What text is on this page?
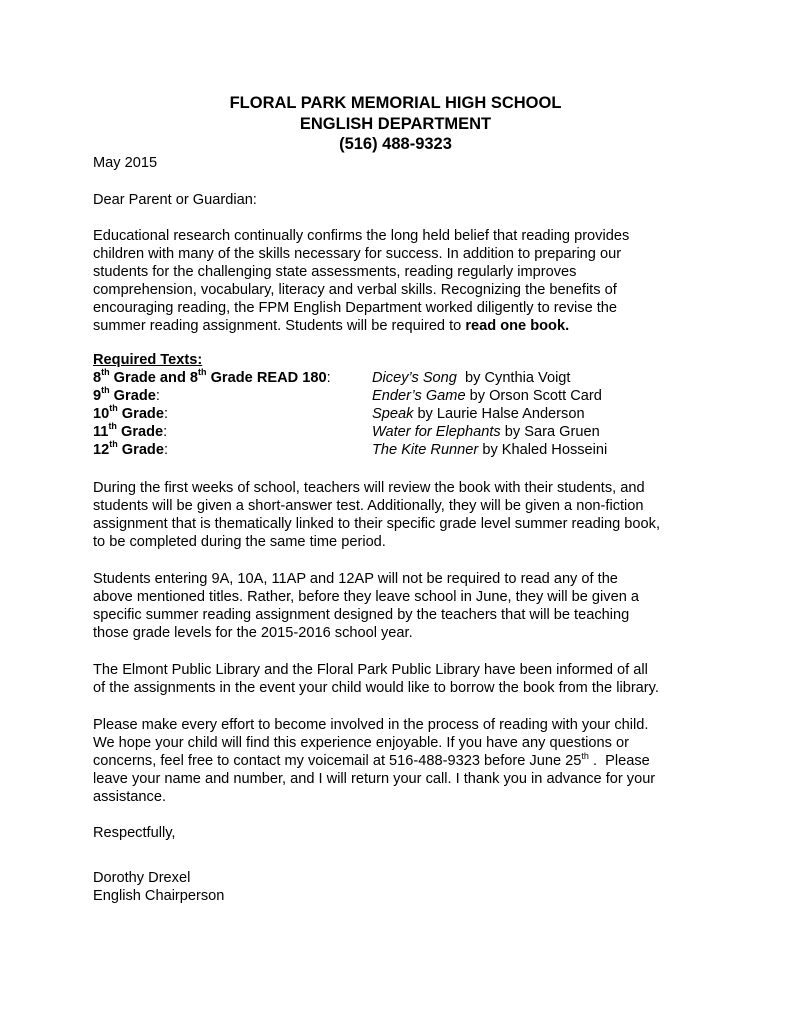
FLORAL PARK MEMORIAL HIGH SCHOOL
ENGLISH DEPARTMENT
(516) 488-9323

May 2015

Dear Parent or Guardian:

Educational research continually confirms the long held belief that reading provides

children with many of the skills necessary for success. In addition to preparing our

students for the challenging state assessments, reading regularly improves

comprehension, vocabulary, literacy and verbal skills. Recognizing the benefits of

encouraging reading, the FPM English Department worked diligently to revise the

summer reading assignment. Students will be required to read one book.

Required Texts:

8th Grade and 8th Grade READ 180:	Dicey’s Song  by Cynthia Voigt
9th Grade:	Ender’s Game by Orson Scott Card
10th Grade:	Speak by Laurie Halse Anderson
11th Grade:	Water for Elephants by Sara Gruen
12th Grade:	The Kite Runner by Khaled Hosseini

During the first weeks of school, teachers will review the book with their students, and

students will be given a short-answer test. Additionally, they will be given a non-fiction

assignment that is thematically linked to their specific grade level summer reading book,

to be completed during the same time period.

Students entering 9A, 10A, 11AP and 12AP will not be required to read any of the

above mentioned titles. Rather, before they leave school in June, they will be given a

specific summer reading assignment designed by the teachers that will be teaching

those grade levels for the 2015-2016 school year.

The Elmont Public Library and the Floral Park Public Library have been informed of all

of the assignments in the event your child would like to borrow the book from the library.

Please make every effort to become involved in the process of reading with your child.

We hope your child will find this experience enjoyable. If you have any questions or

concerns, feel free to contact my voicemail at 516-488-9323 before June 25th .  Please

leave your name and number, and I will return your call. I thank you in advance for your

assistance.

Respectfully,

Dorothy Drexel

English Chairperson
